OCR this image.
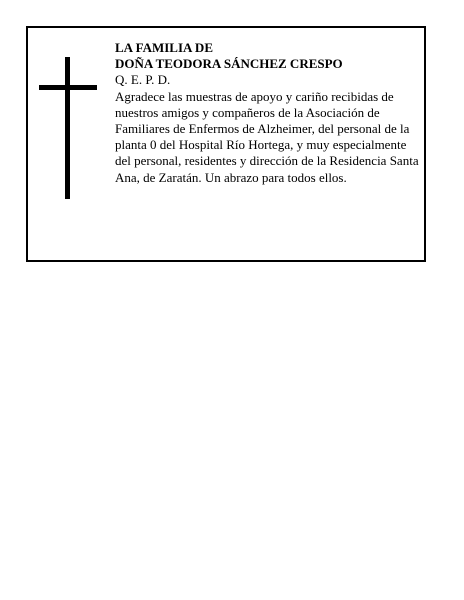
LA FAMILIA DE
DOÑA TEODORA SÁNCHEZ CRESPO
Q. E. P. D.

Agradece las muestras de apoyo y cariño recibidas de nuestros amigos y compañeros de la Asociación de Familiares de Enfermos de Alzheimer, del personal de la planta 0 del Hospital Río Hortega, y muy especialmente del personal, residentes y dirección de la Residencia Santa Ana, de Zaratán. Un abrazo para todos ellos.
